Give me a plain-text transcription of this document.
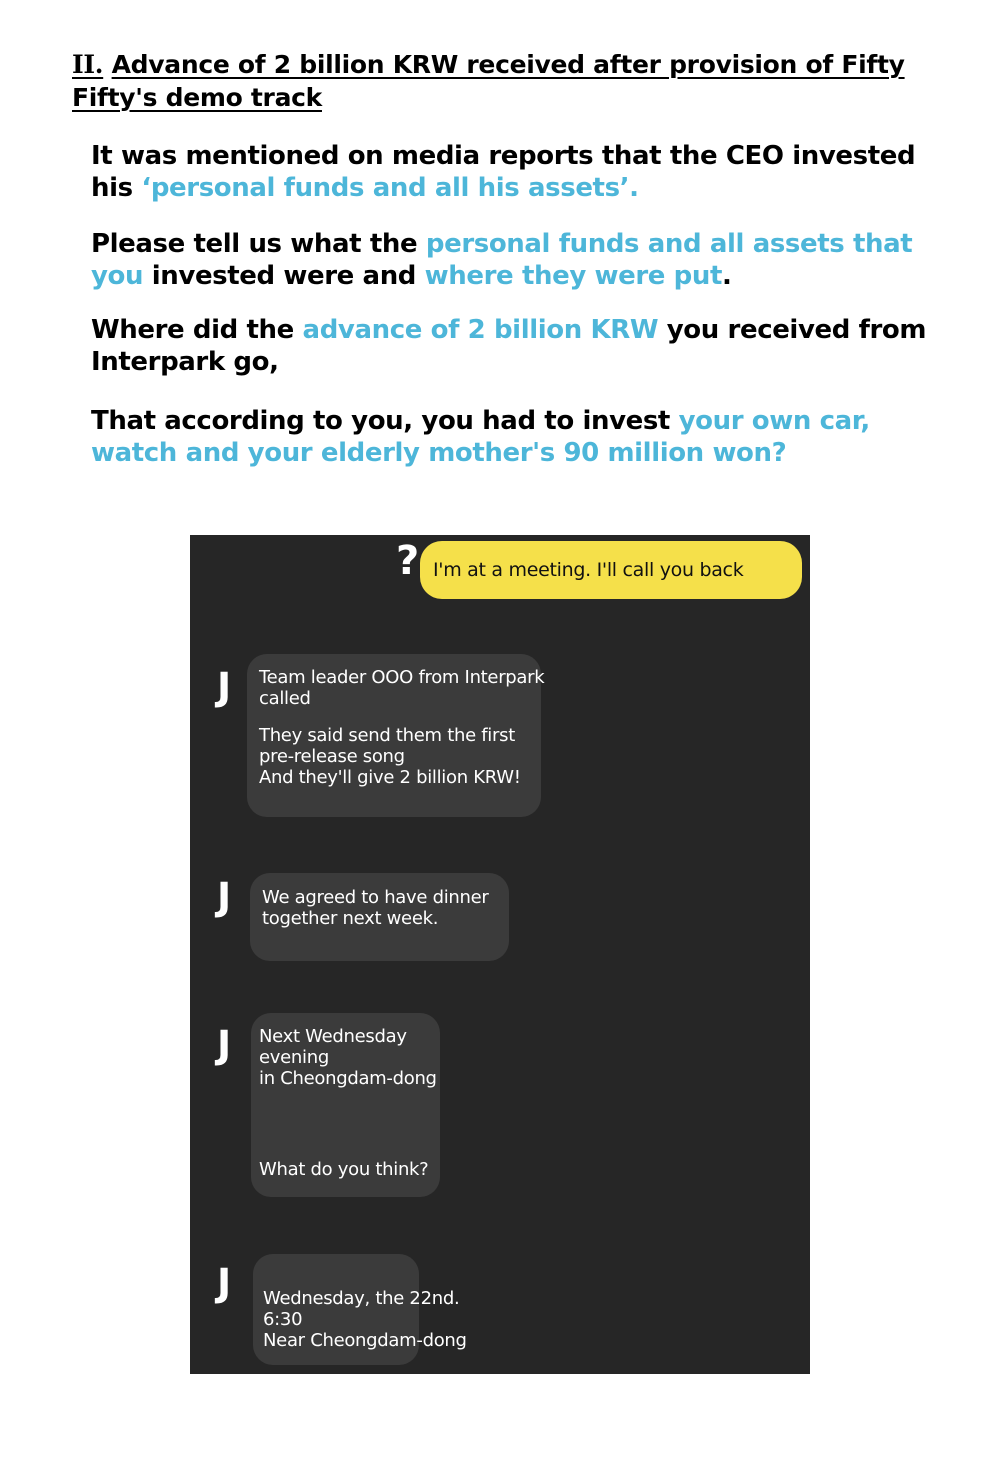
II. Advance of 2 billion KRW received after provision of Fifty Fifty's demo track
It was mentioned on media reports that the CEO invested his ‘personal funds and all his assets’.
Please tell us what the personal funds and all assets that you invested were and where they were put.
Where did the advance of 2 billion KRW you received from Interpark go,
That according to you, you had to invest your own car, watch and your elderly mother's 90 million won?
? I'm at a meeting. I'll call you back
J Team leader OOO from Interpark
called
They said send them the first
pre-release song
And they'll give 2 billion KRW!
J We agreed to have dinner
together next week.
J Next Wednesday
evening
in Cheongdam-dong
What do you think?
J Wednesday, the 22nd.
6:30
Near Cheongdam-dong
